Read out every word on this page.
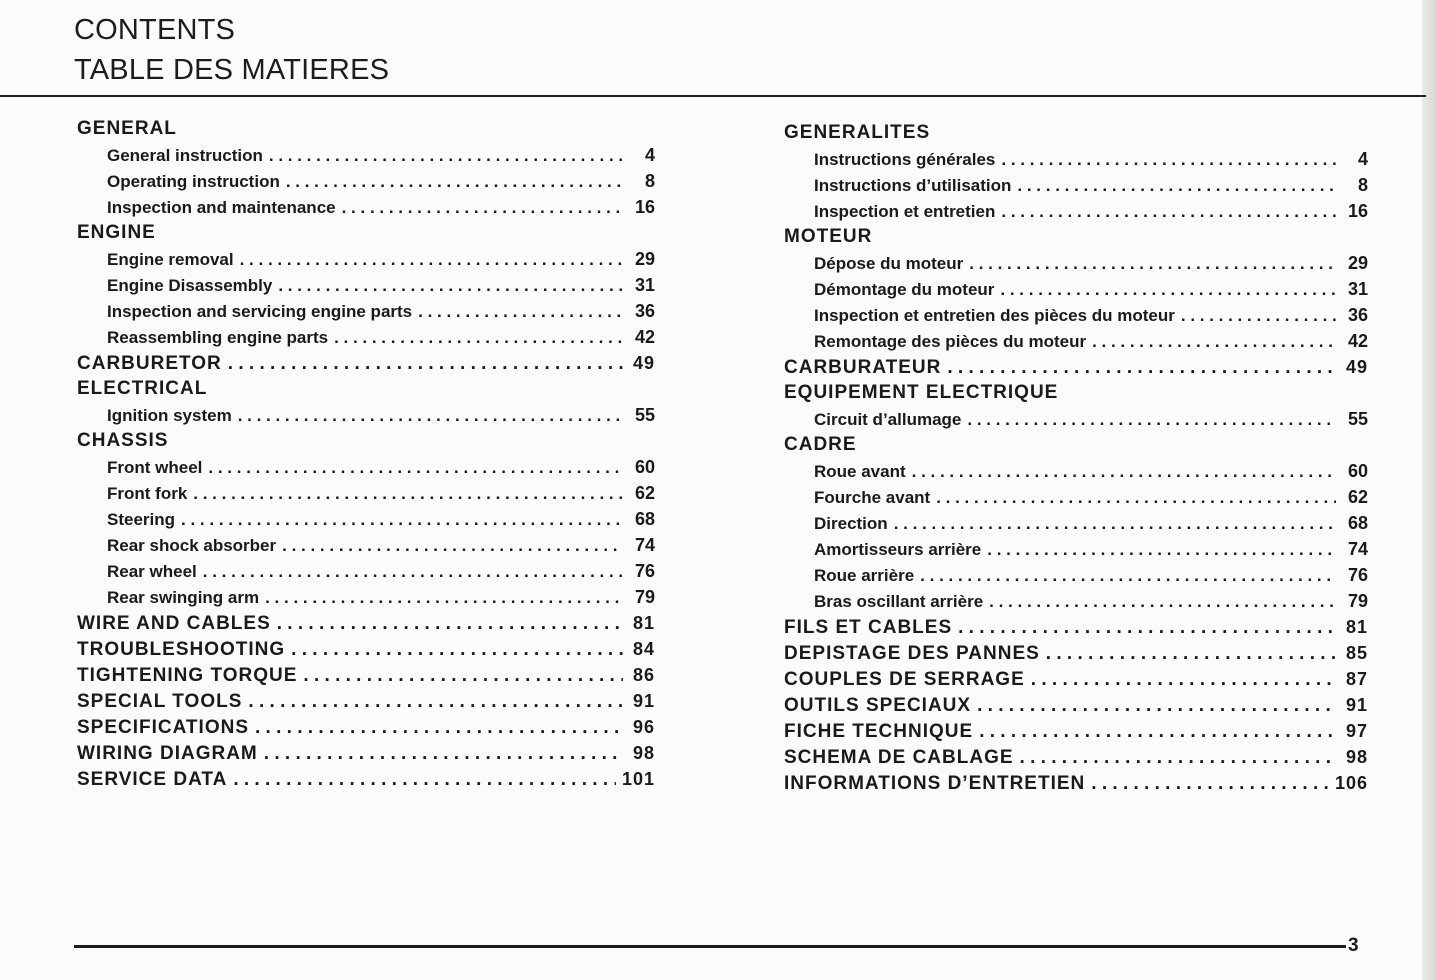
CONTENTS
TABLE DES MATIERES
GENERAL
General instruction . . .	4
Operating instruction . . .	8
Inspection and maintenance . . .	16
ENGINE
Engine removal . . .	29
Engine Disassembly . . .	31
Inspection and servicing engine parts . . .	36
Reassembling engine parts . . .	42
CARBURETOR . . .	49
ELECTRICAL
Ignition system . . .	55
CHASSIS
Front wheel . . .	60
Front fork . . .	62
Steering . . .	68
Rear shock absorber . . .	74
Rear wheel . . .	76
Rear swinging arm . . .	79
WIRE AND CABLES . . .	81
TROUBLESHOOTING . . .	84
TIGHTENING TORQUE . . .	86
SPECIAL TOOLS . . .	91
SPECIFICATIONS . . .	96
WIRING DIAGRAM . . .	98
SERVICE DATA . . .	101
GENERALITES
Instructions générales . . .	4
Instructions d’utilisation . . .	8
Inspection et entretien . . .	16
MOTEUR
Dépose du moteur . . .	29
Démontage du moteur . . .	31
Inspection et entretien des pièces du moteur . . .	36
Remontage des pièces du moteur . . .	42
CARBURATEUR . . .	49
EQUIPEMENT ELECTRIQUE
Circuit d’allumage . . .	55
CADRE
Roue avant . . .	60
Fourche avant . . .	62
Direction . . .	68
Amortisseurs arrière . . .	74
Roue arrière . . .	76
Bras oscillant arrière . . .	79
FILS ET CABLES . . .	81
DEPISTAGE DES PANNES . . .	85
COUPLES DE SERRAGE . . .	87
OUTILS SPECIAUX . . .	91
FICHE TECHNIQUE . . .	97
SCHEMA DE CABLAGE . . .	98
INFORMATIONS D’ENTRETIEN . . .	106
3
